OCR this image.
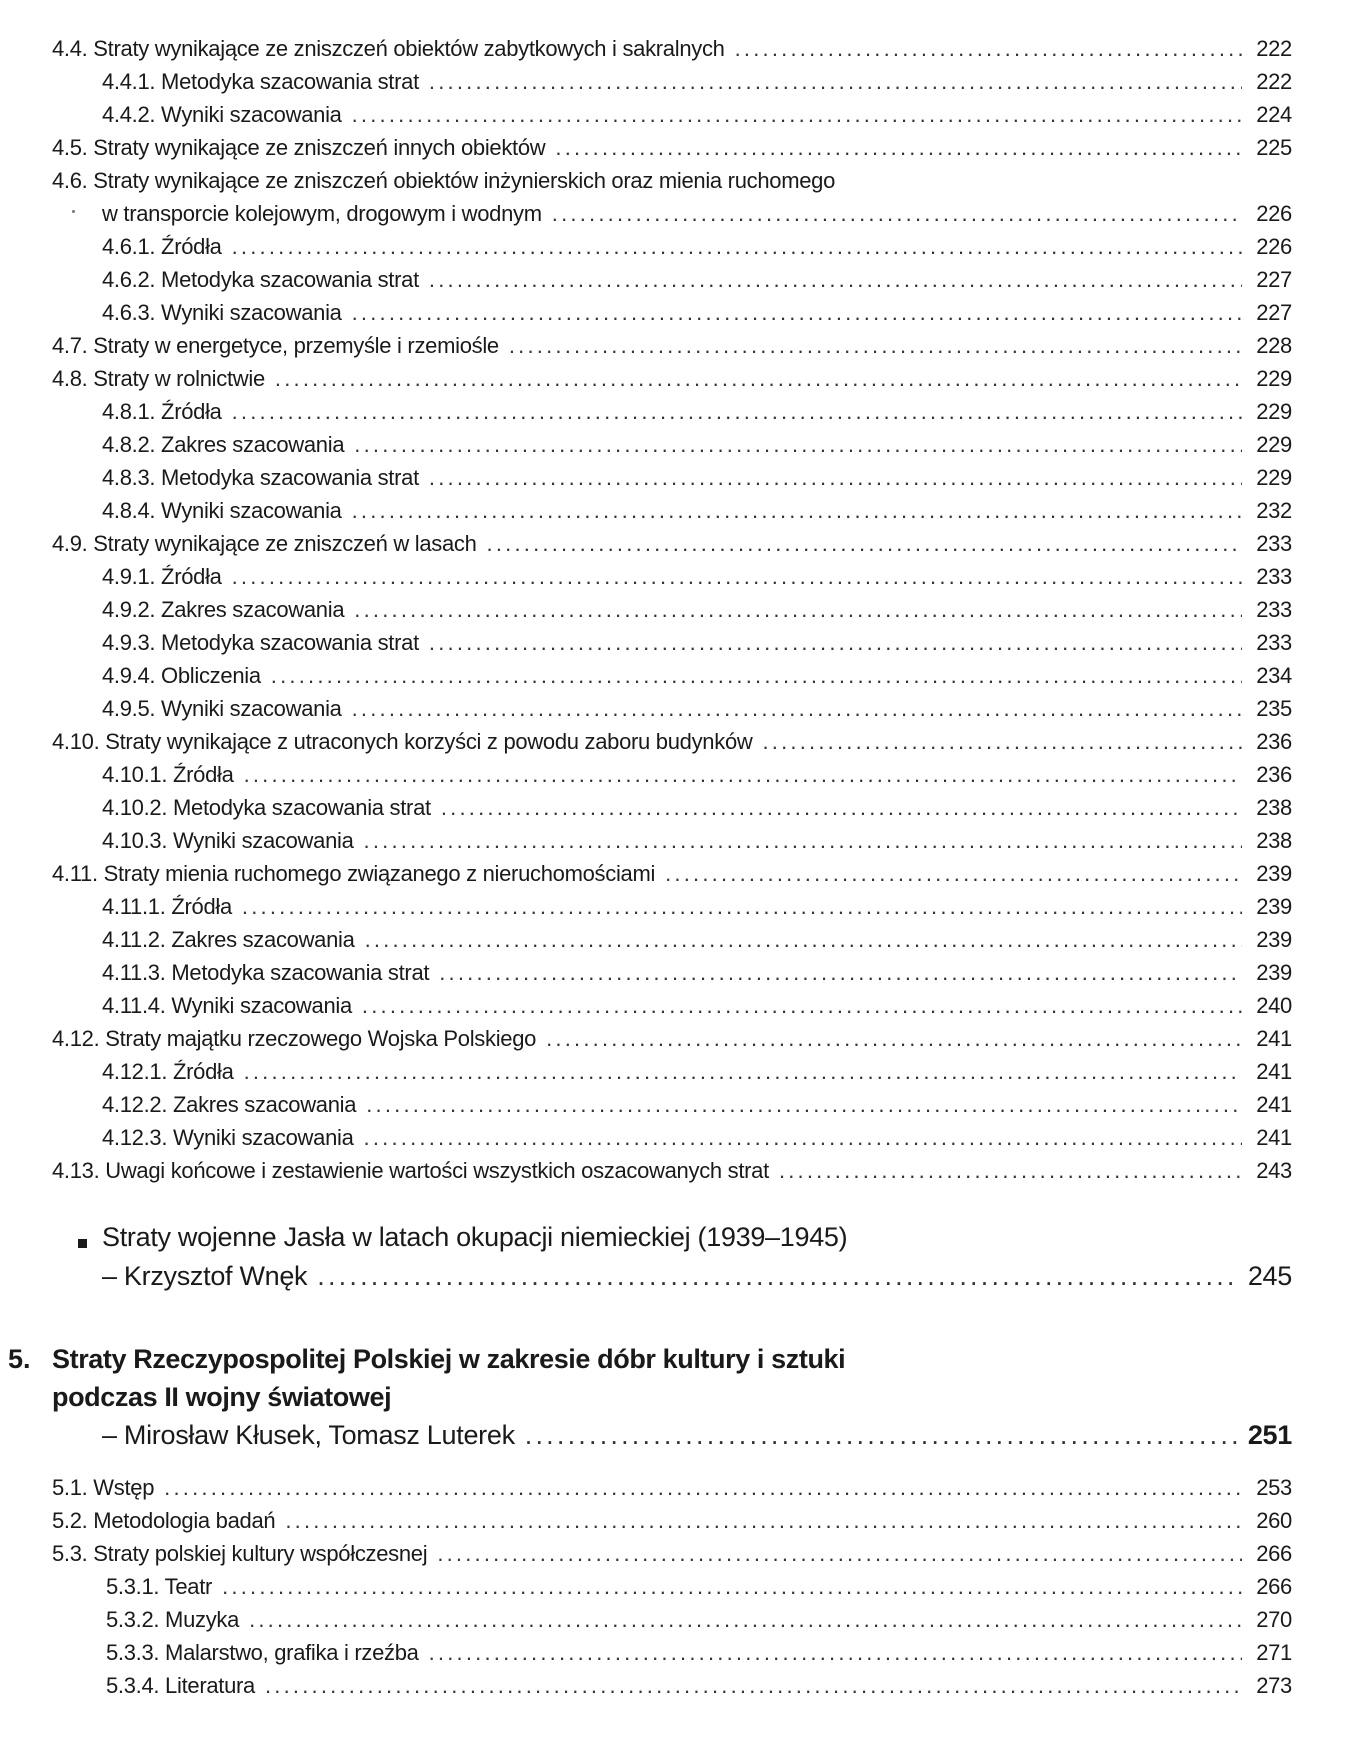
4.4. Straty wynikające ze zniszczeń obiektów zabytkowych i sakralnych .....	222
4.4.1. Metodyka szacowania strat .....	222
4.4.2. Wyniki szacowania .....	224
4.5. Straty wynikające ze zniszczeń innych obiektów .....	225
4.6. Straty wynikające ze zniszczeń obiektów inżynierskich oraz mienia ruchomego
w transporcie kolejowym, drogowym i wodnym .....	226
4.6.1. Źródła .....	226
4.6.2. Metodyka szacowania strat .....	227
4.6.3. Wyniki szacowania .....	227
4.7. Straty w energetyce, przemyśle i rzemiośle .....	228
4.8. Straty w rolnictwie .....	229
4.8.1. Źródła .....	229
4.8.2. Zakres szacowania .....	229
4.8.3. Metodyka szacowania strat .....	229
4.8.4. Wyniki szacowania .....	232
4.9. Straty wynikające ze zniszczeń w lasach .....	233
4.9.1. Źródła .....	233
4.9.2. Zakres szacowania .....	233
4.9.3. Metodyka szacowania strat .....	233
4.9.4. Obliczenia .....	234
4.9.5. Wyniki szacowania .....	235
4.10. Straty wynikające z utraconych korzyści z powodu zaboru budynków .....	236
4.10.1. Źródła .....	236
4.10.2. Metodyka szacowania strat .....	238
4.10.3. Wyniki szacowania .....	238
4.11. Straty mienia ruchomego związanego z nieruchomościami .....	239
4.11.1. Źródła .....	239
4.11.2. Zakres szacowania .....	239
4.11.3. Metodyka szacowania strat .....	239
4.11.4. Wyniki szacowania .....	240
4.12. Straty majątku rzeczowego Wojska Polskiego .....	241
4.12.1. Źródła .....	241
4.12.2. Zakres szacowania .....	241
4.12.3. Wyniki szacowania .....	241
4.13. Uwagi końcowe i zestawienie wartości wszystkich oszacowanych strat .....	243
Straty wojenne Jasła w latach okupacji niemieckiej (1939–1945)
– Krzysztof Wnęk .....	245
5. Straty Rzeczypospolitej Polskiej w zakresie dóbr kultury i sztuki
podczas II wojny światowej
– Mirosław Kłusek, Tomasz Luterek .....	251
5.1. Wstęp .....	253
5.2. Metodologia badań .....	260
5.3. Straty polskiej kultury współczesnej .....	266
5.3.1. Teatr .....	266
5.3.2. Muzyka .....	270
5.3.3. Malarstwo, grafika i rzeźba .....	271
5.3.4. Literatura .....	273
